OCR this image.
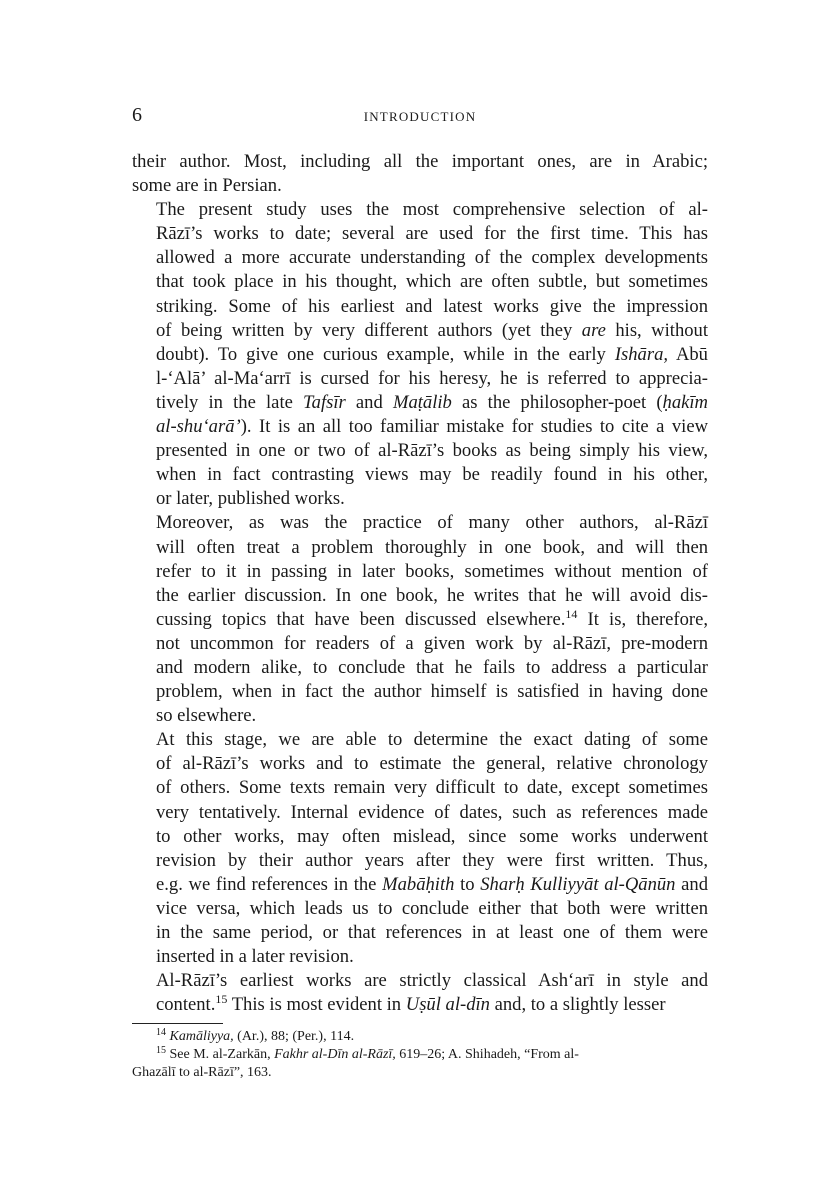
6	INTRODUCTION

their author. Most, including all the important ones, are in Arabic;
some are in Persian.

The present study uses the most comprehensive selection of al-
Rāzī’s works to date; several are used for the first time. This has
allowed a more accurate understanding of the complex developments
that took place in his thought, which are often subtle, but sometimes
striking. Some of his earliest and latest works give the impression
of being written by very different authors (yet they are his, without
doubt). To give one curious example, while in the early Ishāra, Abū
l-‘Alā’ al-Ma‘arrī is cursed for his heresy, he is referred to apprecia-
tively in the late Tafsīr and Maṭālib as the philosopher-poet (ḥakīm
al-shu‘arā’). It is an all too familiar mistake for studies to cite a view
presented in one or two of al-Rāzī’s books as being simply his view,
when in fact contrasting views may be readily found in his other,
or later, published works.

Moreover, as was the practice of many other authors, al-Rāzī
will often treat a problem thoroughly in one book, and will then
refer to it in passing in later books, sometimes without mention of
the earlier discussion. In one book, he writes that he will avoid dis-
cussing topics that have been discussed elsewhere.$^{14}$ It is, therefore,
not uncommon for readers of a given work by al-Rāzī, pre-modern
and modern alike, to conclude that he fails to address a particular
problem, when in fact the author himself is satisfied in having done
so elsewhere.

At this stage, we are able to determine the exact dating of some
of al-Rāzī’s works and to estimate the general, relative chronology
of others. Some texts remain very difficult to date, except sometimes
very tentatively. Internal evidence of dates, such as references made
to other works, may often mislead, since some works underwent
revision by their author years after they were first written. Thus,
e.g. we find references in the Mabāḥith to Sharḥ Kulliyyāt al-Qānūn and
vice versa, which leads us to conclude either that both were written
in the same period, or that references in at least one of them were
inserted in a later revision.

Al-Rāzī’s earliest works are strictly classical Ash‘arī in style and
content.$^{15}$ This is most evident in Uṣūl al-dīn and, to a slightly lesser

$^{14}$ Kamāliyya, (Ar.), 88; (Per.), 114.
$^{15}$ See M. al-Zarkān, Fakhr al-Dīn al-Rāzī, 619–26; A. Shihadeh, “From al-
Ghazālī to al-Rāzī”, 163.
